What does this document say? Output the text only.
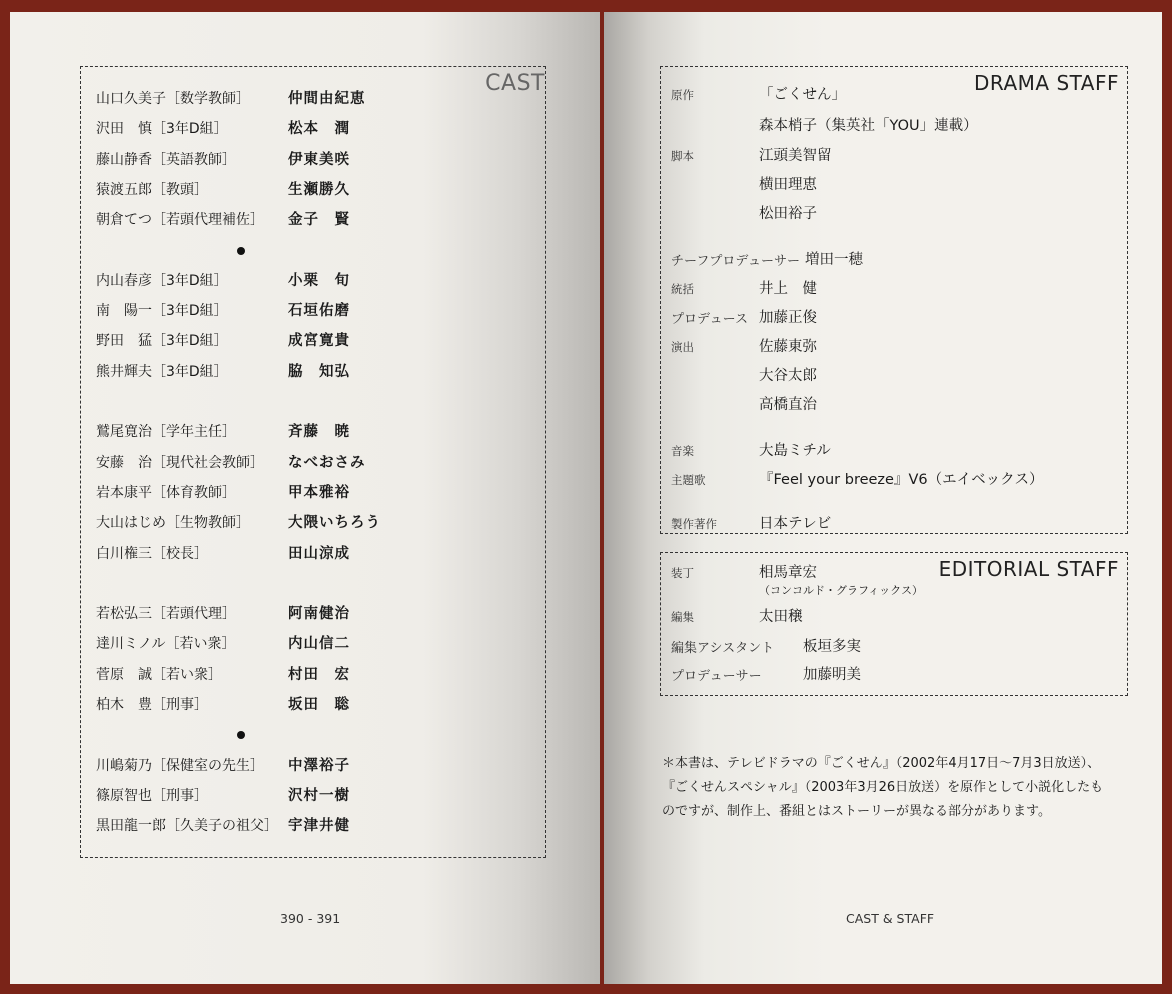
CAST
山口久美子［数学教師］	仲間由紀恵
沢田　慎［3年D組］	松本　潤
藤山静香［英語教師］	伊東美咲
猿渡五郎［教頭］	生瀬勝久
朝倉てつ［若頭代理補佐］ 金子　賢
内山春彦［3年D組］	小栗　旬
南　陽一［3年D組］	石垣佑磨
野田　猛［3年D組］	成宮寛貴
熊井輝夫［3年D組］	脇　知弘
鷲尾寛治［学年主任］	斉藤　暁
安藤　治［現代社会教師］ なべおさみ
岩本康平［体育教師］	甲本雅裕
大山はじめ［生物教師］	大隈いちろう
白川権三［校長］	田山涼成
若松弘三［若頭代理］	阿南健治
達川ミノル［若い衆］	内山信二
菅原　誠［若い衆］	村田　宏
柏木　豊［刑事］	坂田　聡
川嶋菊乃［保健室の先生］ 中澤裕子
篠原智也［刑事］	沢村一樹
黒田龍一郎［久美子の祖父］ 宇津井健
390 - 391
DRAMA STAFF
原作	「ごくせん」
森本梢子（集英社「YOU」連載）
脚本	江頭美智留
横田理恵
松田裕子
チーフプロデューサー 増田一穂
統括	井上　健
プロデュース 加藤正俊
演出	佐藤東弥
大谷太郎
高橋直治
音楽	大島ミチル
主題歌	『Feel your breeze』V6（エイベックス）
製作著作	日本テレビ
EDITORIAL STAFF
装丁	相馬章宏
（コンコルド・グラフィックス）
編集	太田穣
編集アシスタント 板垣多実
プロデューサー	加藤明美
＊本書は、テレビドラマの『ごくせん』（2002年4月17日〜7月3日放送）、
『ごくせんスペシャル』（2003年3月26日放送）を原作として小説化したも
のですが、制作上、番組とはストーリーが異なる部分があります。
CAST & STAFF
